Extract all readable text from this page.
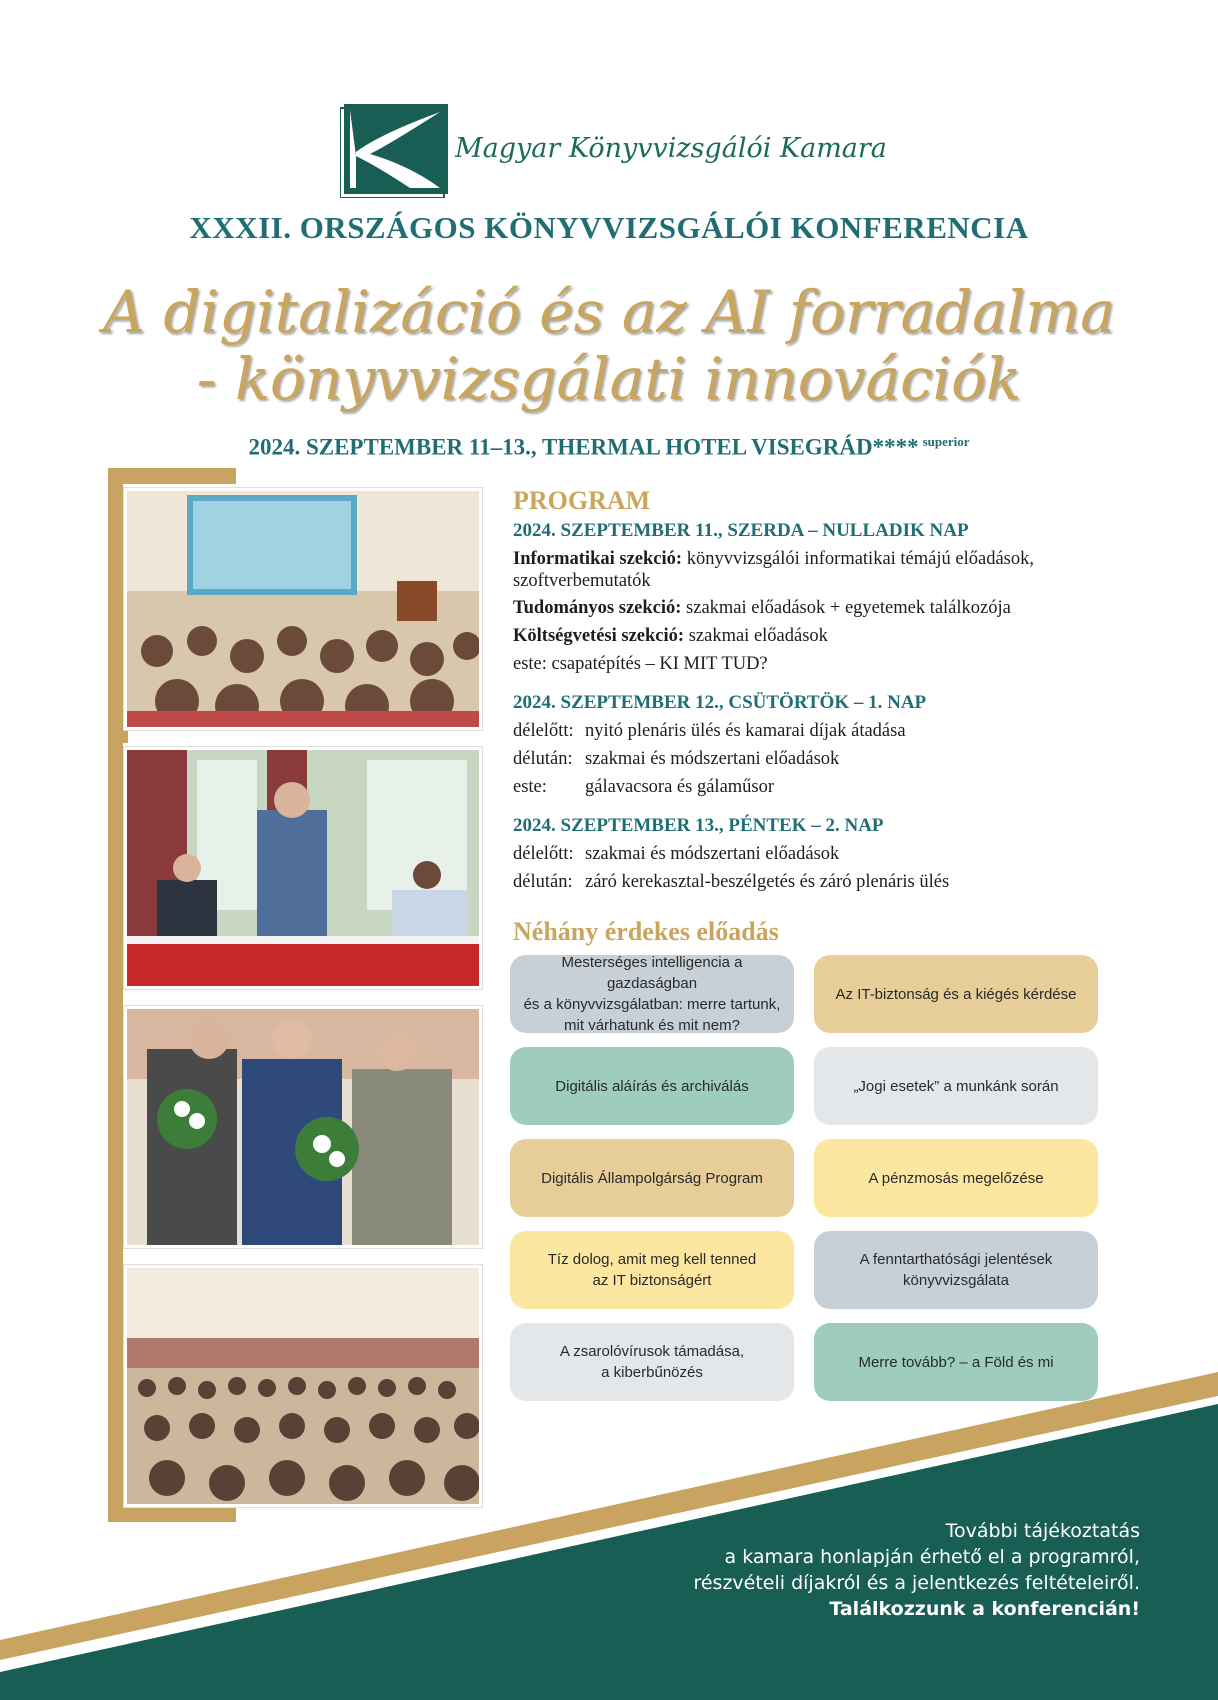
Magyar Könyvvizsgálói Kamara
XXXII. ORSZÁGOS KÖNYVVIZSGÁLÓI KONFERENCIA
A digitalizáció és az AI forradalma
- könyvvizsgálati innovációk
2024. SZEPTEMBER 11–13., THERMAL HOTEL VISEGRÁD**** $^{superior}$
PROGRAM
2024. SZEPTEMBER 11., SZERDA – NULLADIK NAP
Informatikai szekció: könyvvizsgálói informatikai témájú előadások, szoftverbemutatók
Tudományos szekció: szakmai előadások + egyetemek találkozója
Költségvetési szekció: szakmai előadások
este: csapatépítés – KI MIT TUD?
2024. SZEPTEMBER 12., CSÜTÖRTÖK – 1. NAP
délelőtt: nyitó plenáris ülés és kamarai díjak átadása
délután: szakmai és módszertani előadások
este: gálavacsora és gálaműsor
2024. SZEPTEMBER 13., PÉNTEK – 2. NAP
délelőtt: szakmai és módszertani előadások
délután: záró kerekasztal-beszélgetés és záró plenáris ülés
Néhány érdekes előadás
Mesterséges intelligencia a gazdaságban
és a könyvvizsgálatban: merre tartunk,
mit várhatunk és mit nem?
Az IT-biztonság és a kiégés kérdése
Digitális aláírás és archiválás	„Jogi esetek” a munkánk során
Digitális Állampolgárság Program	A pénzmosás megelőzése
Tíz dolog, amit meg kell tenned
az IT biztonságért
A fenntarthatósági jelentések
könyvvizsgálata
A zsarolóvírusok támadása,
a kiberbűnözés
Merre tovább? – a Föld és mi
További tájékoztatás
a kamara honlapján érhető el a programról,
részvételi díjakról és a jelentkezés feltételeiről.
Találkozzunk a konferencián!
